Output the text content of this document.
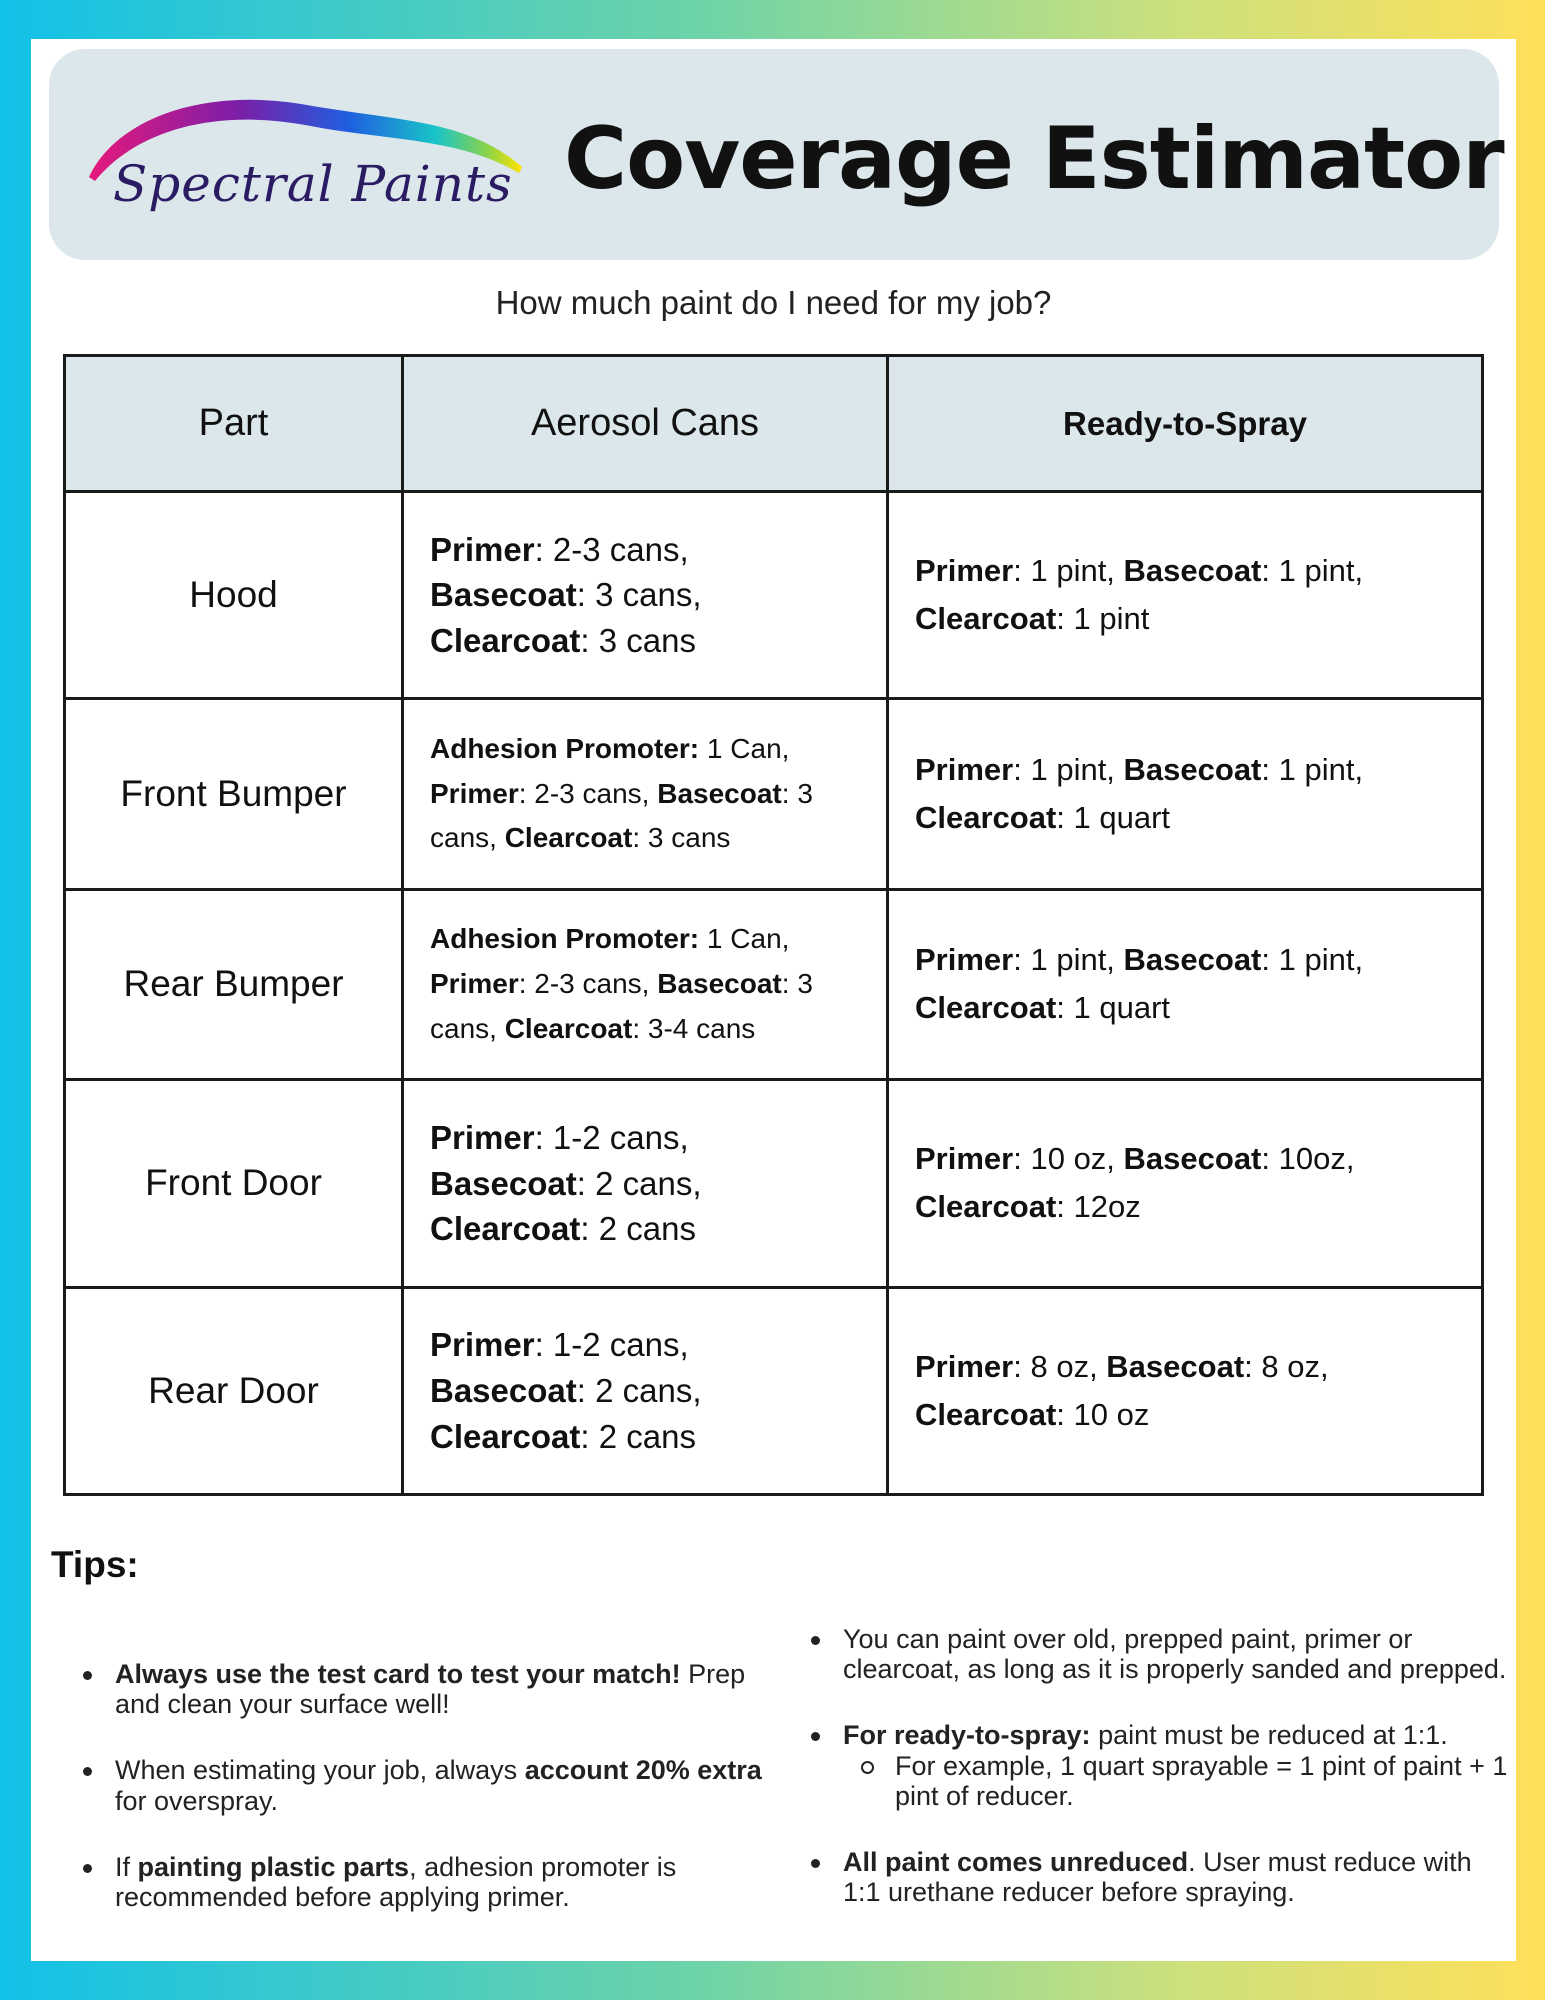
Spectral Paints Coverage Estimator
How much paint do I need for my job?
Part	Aerosol Cans	Ready-to-Spray
Hood	Primer: 2-3 cans,
Basecoat: 3 cans,
Clearcoat: 3 cans	Primer: 1 pint, Basecoat: 1 pint,
Clearcoat: 1 pint
Front Bumper	Adhesion Promoter: 1 Can,
Primer: 2-3 cans, Basecoat: 3 cans, Clearcoat: 3 cans	Primer: 1 pint, Basecoat: 1 pint,
Clearcoat: 1 quart
Rear Bumper	Adhesion Promoter: 1 Can,
Primer: 2-3 cans, Basecoat: 3 cans, Clearcoat: 3-4 cans	Primer: 1 pint, Basecoat: 1 pint,
Clearcoat: 1 quart
Front Door	Primer: 1-2 cans,
Basecoat: 2 cans,
Clearcoat: 2 cans	Primer: 10 oz, Basecoat: 10oz,
Clearcoat: 12oz
Rear Door	Primer: 1-2 cans,
Basecoat: 2 cans,
Clearcoat: 2 cans	Primer: 8 oz, Basecoat: 8 oz,
Clearcoat: 10 oz
Tips:
Always use the test card to test your match! Prep and clean your surface well!
When estimating your job, always account 20% extra for overspray.
If painting plastic parts, adhesion promoter is recommended before applying primer.
You can paint over old, prepped paint, primer or clearcoat, as long as it is properly sanded and prepped.
For ready-to-spray: paint must be reduced at 1:1.
For example, 1 quart sprayable = 1 pint of paint + 1 pint of reducer.
All paint comes unreduced. User must reduce with 1:1 urethane reducer before spraying.
